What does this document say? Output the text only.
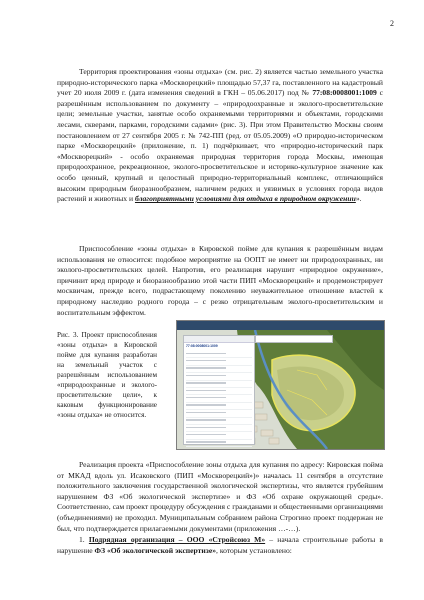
2

Территория проектирования «зоны отдыха» (см. рис. 2) является частью земельного участка природно-исторического парка «Москворецкий» площадью 57,37 га, поставленного на кадастровый учет 20 июля 2009 г. (дата изменения сведений в ГКН – 05.06.2017) под № 77:08:0008001:1009 с разрешённым использованием по документу – «природоохранные и эколого-просветительские цели; земельные участки, занятые особо охраняемыми территориями и объектами, городскими лесами, скверами, парками, городскими садами» (рис. 3). При этом Правительство Москвы своим постановлением от 27 сентября 2005 г. № 742-ПП (ред. от 05.05.2009) «О природно-историческом парке «Москворецкий» (приложение, п. 1) подчёркивает, что «природно-исторический парк «Москворецкий» - особо охраняемая природная территория города Москвы, имеющая природоохранное, рекреационное, эколого-просветительское и историко-культурное значение как особо ценный, крупный и целостный природно-территориальный комплекс, отличающийся высоким природным биоразнообразием, наличием редких и уязвимых в условиях города видов растений и животных и благоприятными условиями для отдыха в природном окружении».

Приспособление «зоны отдыха» в Кировской пойме для купания к разрешённым видам использования не относится: подобное мероприятие на ООПТ не имеет ни природоохранных, ни эколого-просветительских целей. Напротив, его реализация нарушит «природное окружение», причинит вред природе и биоразнообразию этой части ПИП «Москворецкий» и продемонстрирует москвичам, прежде всего, подрастающему поколению неуважительное отношение властей к природному наследию родного города – с резко отрицательным эколого-просветительским и воспитательным эффектом.

Рис. 3. Проект приспособления «зоны отдыха» в Кировской пойме для купания разработан на земельный участок с разрешённым использованием «природоохранные и эколого-просветительские цели», к каковым функционирование «зоны отдыха» не относится.
77:08:0008001:1009

Реализация проекта «Приспособление зоны отдыха для купания по адресу: Кировская пойма от МКАД вдоль ул. Исаковского (ПИП «Москворецкий»)» началась 11 сентября в отсутствие положительного заключения государственной экологической экспертизы, что является грубейшим нарушением ФЗ «Об экологической экспертизе» и ФЗ «Об охране окружающей среды». Соответственно, сам проект процедуру обсуждения с гражданами и общественными организациями (объединениями) не проходил. Муниципальным собранием района Строгино проект поддержан не был, что подтверждается прилагаемыми документами (приложения …-…).

1. Подрядная организация – ООО «Стройсоюз М» – начала строительные работы в нарушение ФЗ «Об экологической экспертизе», которым установлено:
